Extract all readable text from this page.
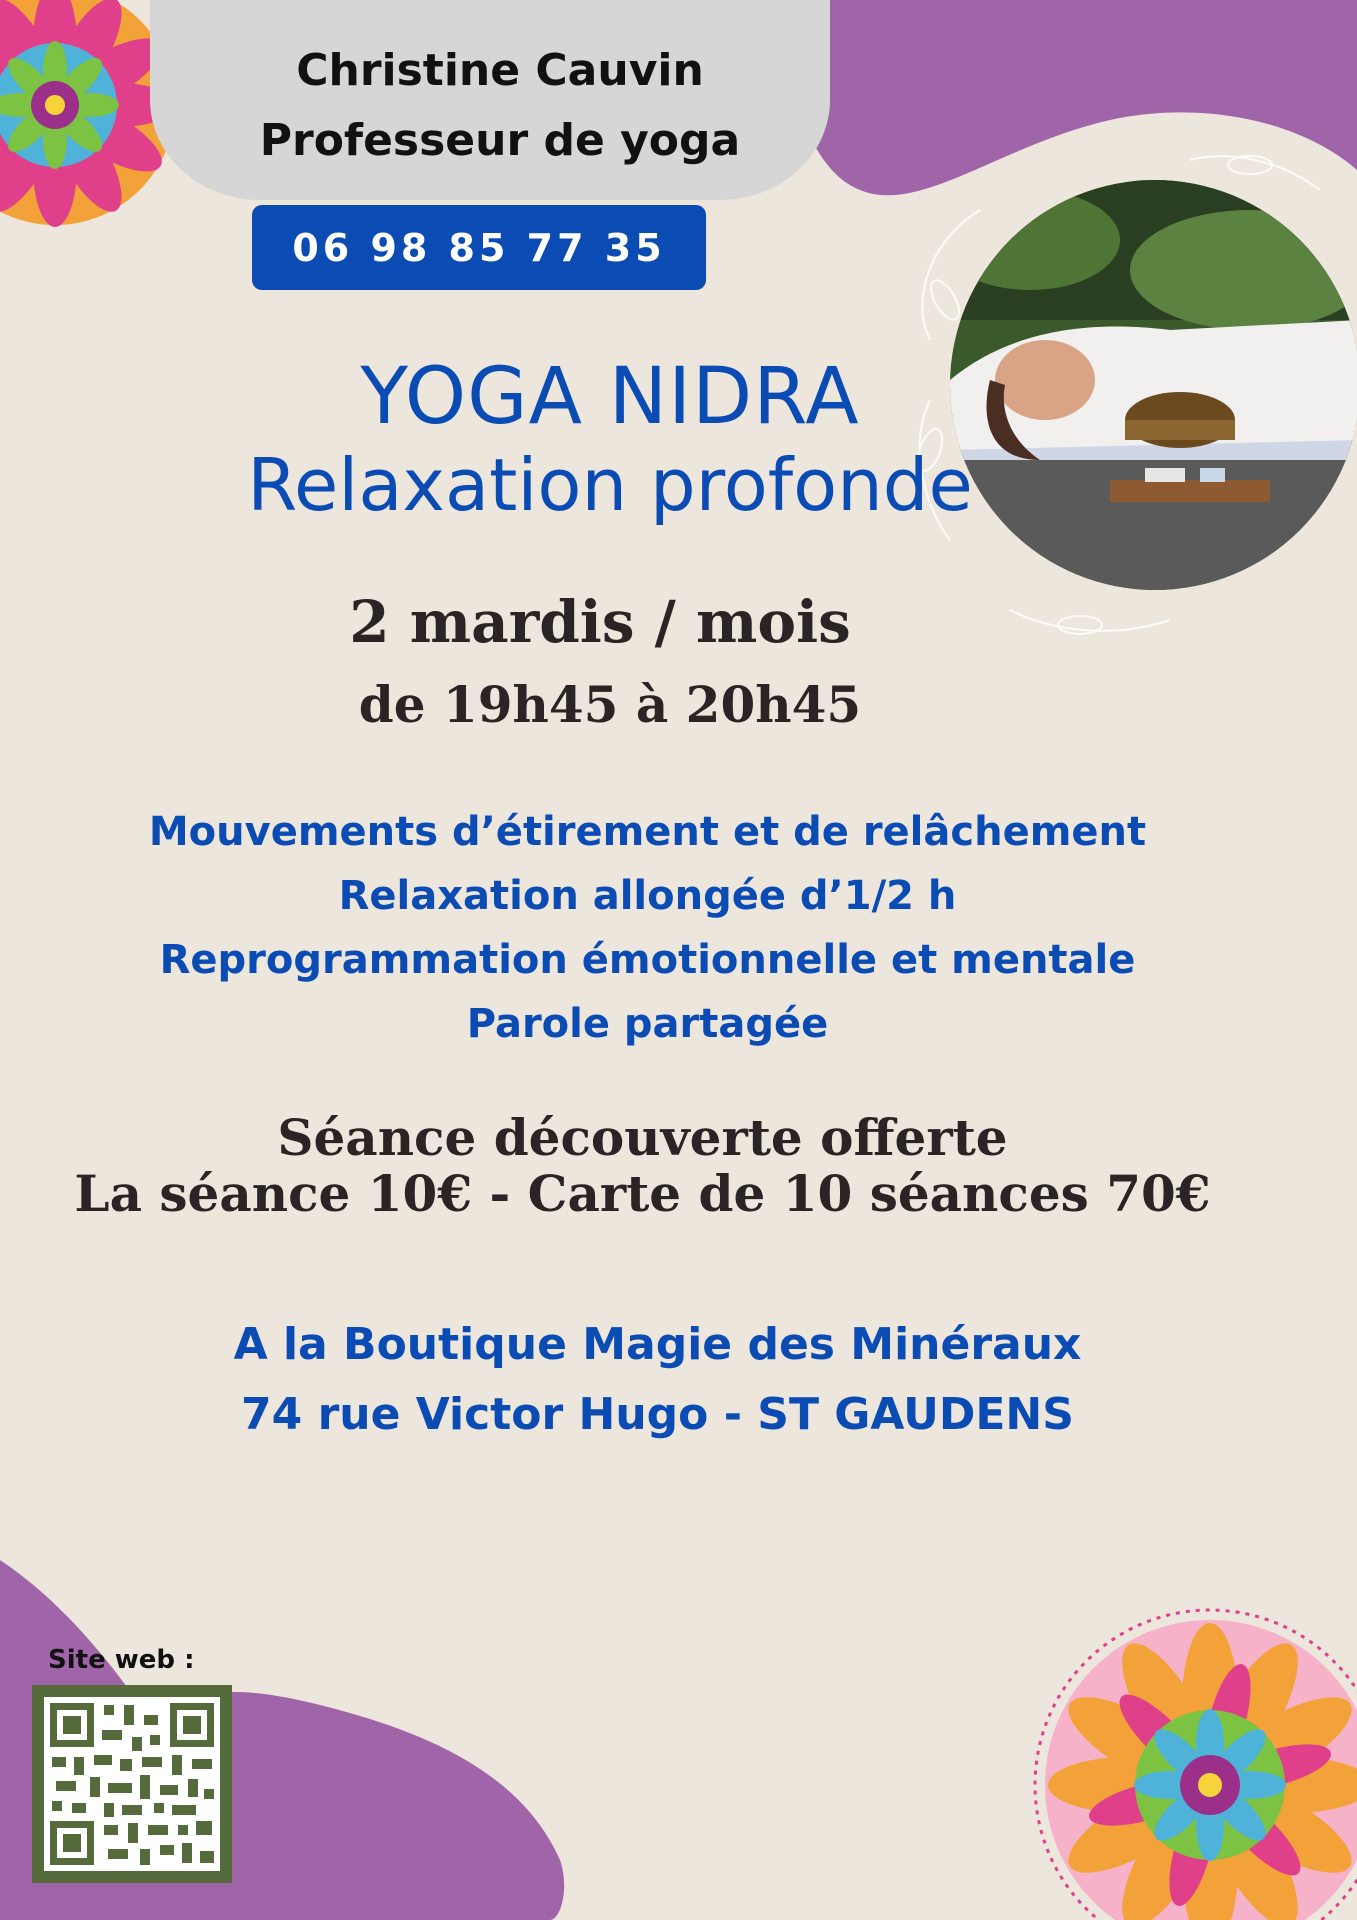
Christine Cauvin
Professeur de yoga
06 98 85 77 35
YOGA NIDRA
Relaxation profonde
2 mardis / mois
de 19h45 à 20h45
Mouvements d’étirement et de relâchement
Relaxation allongée d’1/2 h
Reprogrammation émotionnelle et mentale
Parole partagée
Séance découverte offerte
La séance 10€ - Carte de 10 séances 70€
A la Boutique Magie des Minéraux
74 rue Victor Hugo - ST GAUDENS
Site web :
